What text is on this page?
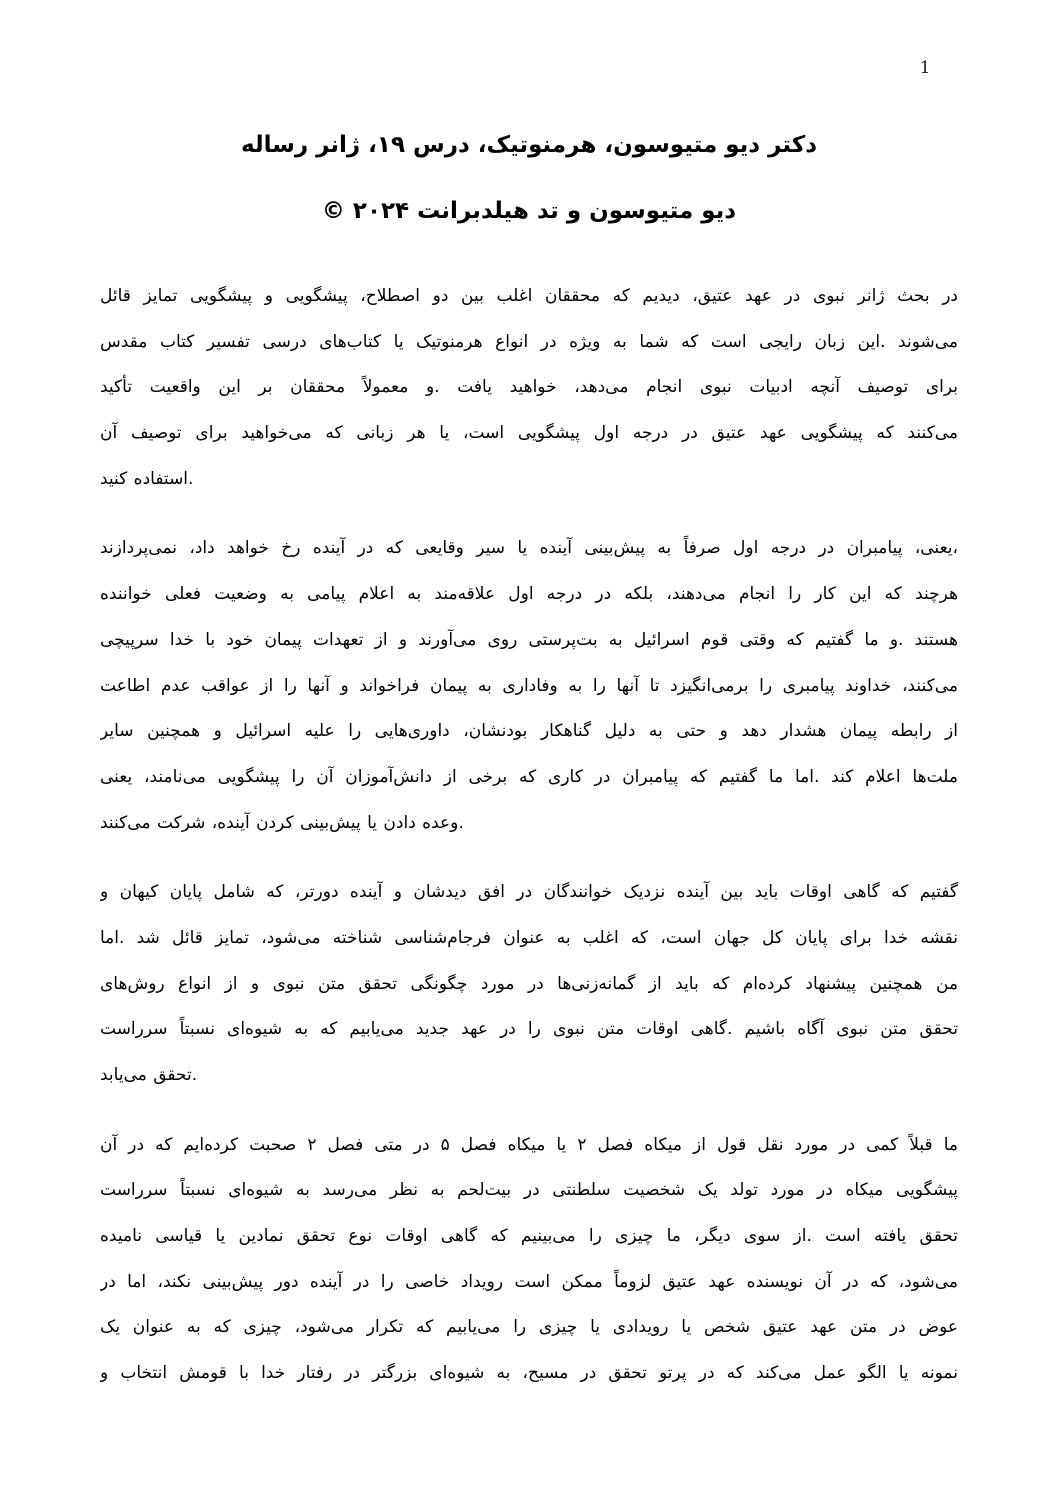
1
دکتر دیو متیوسون، هرمنوتیک، درس ۱۹، ژانر رساله
دیو متیوسون و تد هیلدبرانت ۲۰۲۴ ©
در بحث ژانر نبوی در عهد عتیق، دیدیم که محققان اغلب بین دو اصطلاح، پیشگویی و پیشگویی تمایز قائل
می‌شوند .این زبان رایجی است که شما به ویژه در انواع هرمنوتیک یا کتاب‌های درسی تفسیر کتاب مقدس
برای توصیف آنچه ادبیات نبوی انجام می‌دهد، خواهید یافت .و معمولاً محققان بر این واقعیت تأکید
می‌کنند که پیشگویی عهد عتیق در درجه اول پیشگویی است، یا هر زبانی که می‌خواهید برای توصیف آن
.استفاده کنید
،یعنی، پیامبران در درجه اول صرفاً به پیش‌بینی آینده یا سیر وقایعی که در آینده رخ خواهد داد، نمی‌پردازند
هرچند که این کار را انجام می‌دهند، بلکه در درجه اول علاقه‌مند به اعلام پیامی به وضعیت فعلی خواننده
هستند .و ما گفتیم که وقتی قوم اسرائیل به بت‌پرستی روی می‌آورند و از تعهدات پیمان خود با خدا سرپیچی
می‌کنند، خداوند پیامبری را برمی‌انگیزد تا آنها را به وفاداری به پیمان فراخواند و آنها را از عواقب عدم اطاعت
از رابطه پیمان هشدار دهد و حتی به دلیل گناهکار بودنشان، داوری‌هایی را علیه اسرائیل و همچنین سایر
ملت‌ها اعلام کند .اما ما گفتیم که پیامبران در کاری که برخی از دانش‌آموزان آن را پیشگویی می‌نامند، یعنی
.وعده دادن یا پیش‌بینی کردن آینده، شرکت می‌کنند
گفتیم که گاهی اوقات باید بین آینده نزدیک خوانندگان در افق دیدشان و آینده دورتر، که شامل پایان کیهان و
نقشه خدا برای پایان کل جهان است، که اغلب به عنوان فرجام‌شناسی شناخته می‌شود، تمایز قائل شد .اما
من همچنین پیشنهاد کرده‌ام که باید از گمانه‌زنی‌ها در مورد چگونگی تحقق متن نبوی و از انواع روش‌های
تحقق متن نبوی آگاه باشیم .گاهی اوقات متن نبوی را در عهد جدید می‌یابیم که به شیوه‌ای نسبتاً سرراست
.تحقق می‌یابد
ما قبلاً کمی در مورد نقل قول از میکاه فصل ۲ یا میکاه فصل ۵ در متی فصل ۲ صحبت کرده‌ایم که در آن
پیشگویی میکاه در مورد تولد یک شخصیت سلطنتی در بیت‌لحم به نظر می‌رسد به شیوه‌ای نسبتاً سرراست
تحقق یافته است .از سوی دیگر، ما چیزی را می‌بینیم که گاهی اوقات نوع تحقق نمادین یا قیاسی نامیده
می‌شود، که در آن نویسنده عهد عتیق لزوماً ممکن است رویداد خاصی را در آینده دور پیش‌بینی نکند، اما در
عوض در متن عهد عتیق شخص یا رویدادی یا چیزی را می‌یابیم که تکرار می‌شود، چیزی که به عنوان یک
نمونه یا الگو عمل می‌کند که در پرتو تحقق در مسیح، به شیوه‌ای بزرگتر در رفتار خدا با قومش انتخاب و
